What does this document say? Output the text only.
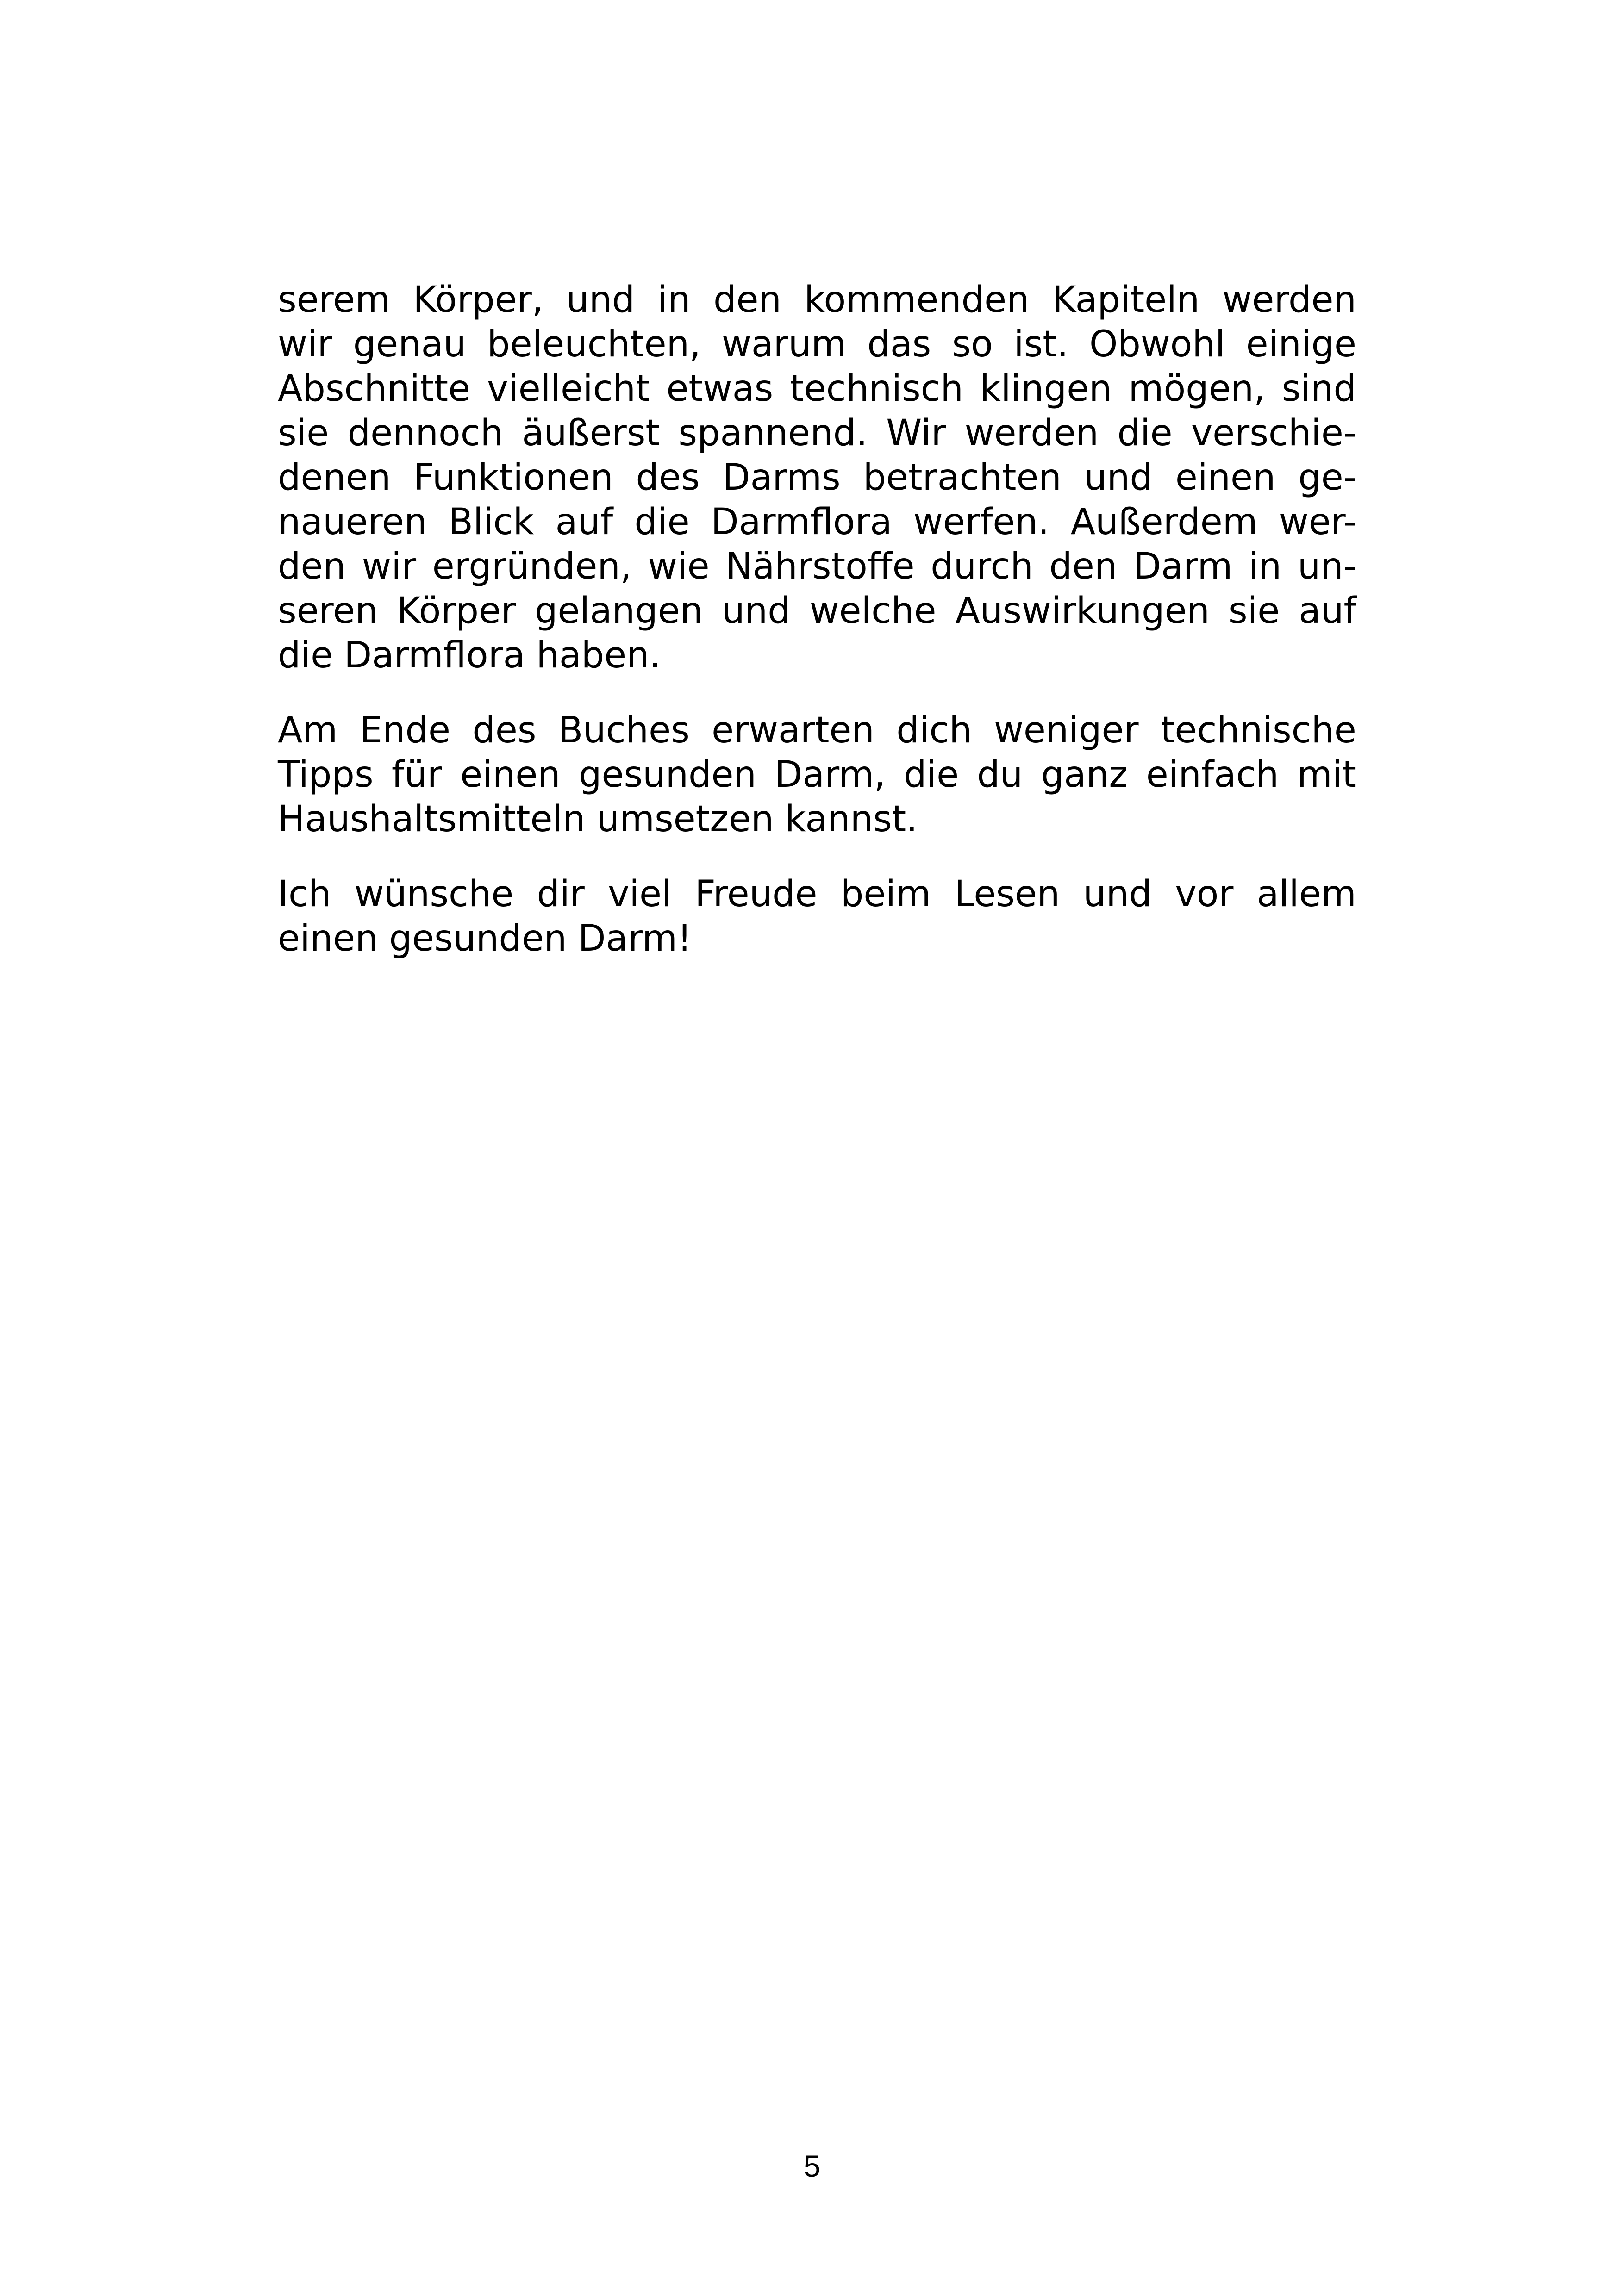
serem Körper, und in den kommenden Kapiteln werden
wir genau beleuchten, warum das so ist. Obwohl einige
Abschnitte vielleicht etwas technisch klingen mögen, sind
sie dennoch äußerst spannend. Wir werden die verschie-
denen Funktionen des Darms betrachten und einen ge-
naueren Blick auf die Darmflora werfen. Außerdem wer-
den wir ergründen, wie Nährstoffe durch den Darm in un-
seren Körper gelangen und welche Auswirkungen sie auf
die Darmflora haben.
Am Ende des Buches erwarten dich weniger technische
Tipps für einen gesunden Darm, die du ganz einfach mit
Haushaltsmitteln umsetzen kannst.
Ich wünsche dir viel Freude beim Lesen und vor allem
einen gesunden Darm!
5
